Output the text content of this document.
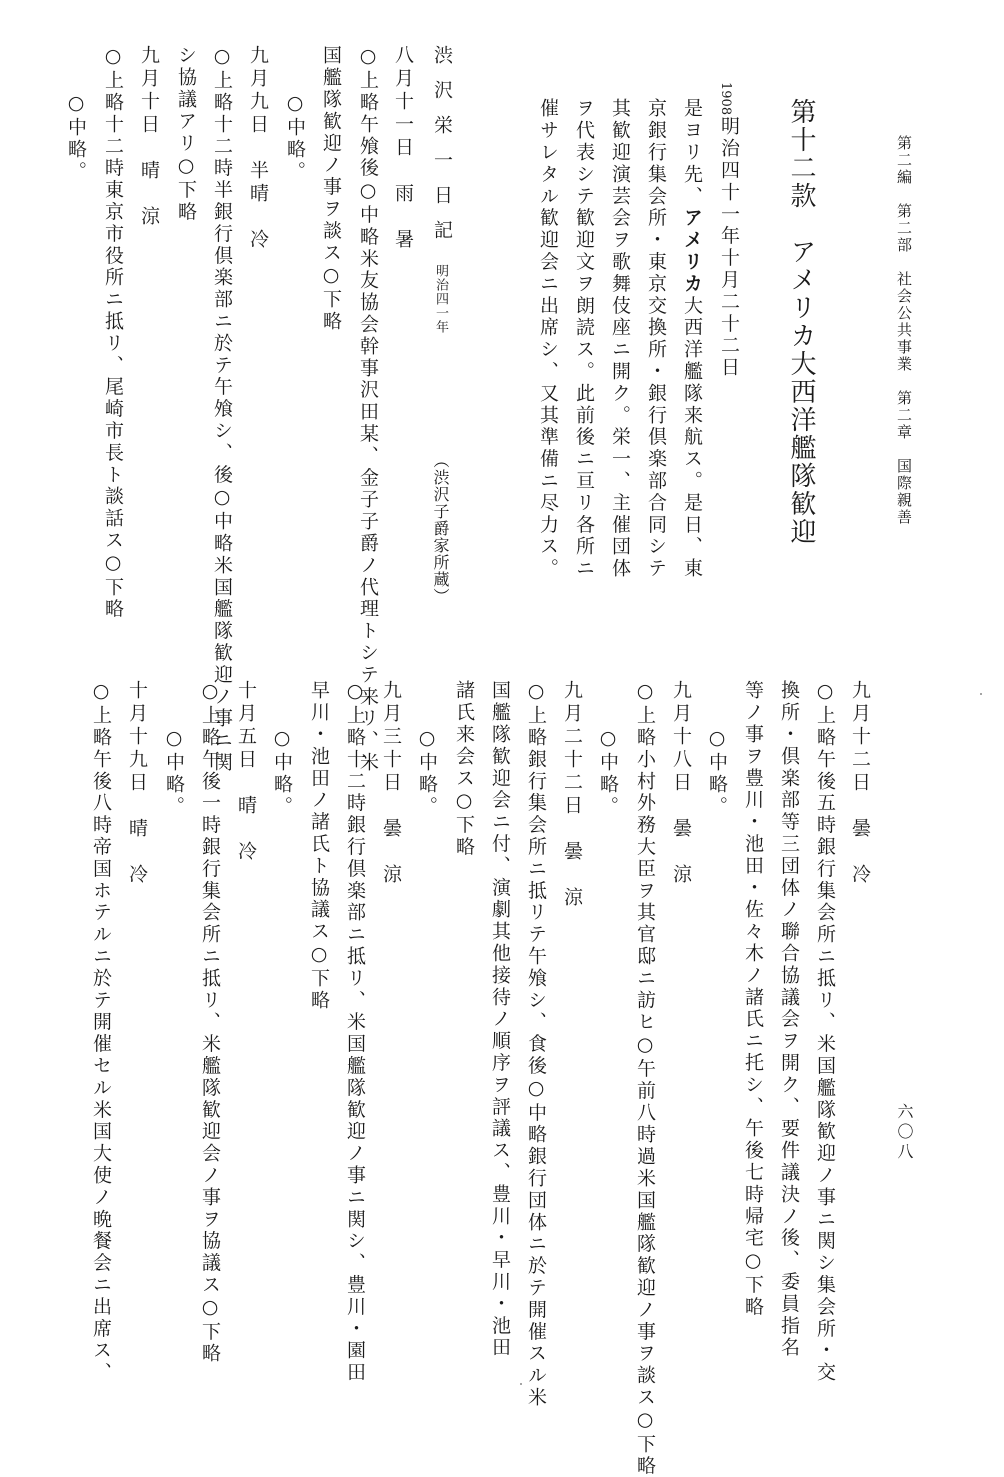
第二編　第二部　社会公共事業　第二章　国際親善
六〇八
第十二款　アメリカ大西洋艦隊歓迎
1908
明治四十一年十月二十二日
是ヨリ先、アメリカ大西洋艦隊来航ス。是日、東
京銀行集会所・東京交換所・銀行倶楽部合同シテ
其歓迎演芸会ヲ歌舞伎座ニ開ク。栄一、主催団体
ヲ代表シテ歓迎文ヲ朗読ス。此前後ニ亘リ各所ニ
催サレタル歓迎会ニ出席シ、又其準備ニ尽力ス。
渋沢栄一日記
明治四一年
（渋沢子爵家所蔵）
八月十一日　雨　暑
○上略午飧後○中略米友協会幹事沢田某、金子子爵ノ代理トシテ来リ、米
国艦隊歓迎ノ事ヲ談ス○下略
○中略。
九月九日　半晴　冷
○上略十二時半銀行倶楽部ニ於テ午飧シ、後○中略米国艦隊歓迎ノ事ニ関
シ協議アリ○下略
九月十日　晴　涼
○上略十二時東京市役所ニ抵リ、尾崎市長ト談話ス○下略
○中略。
九月十二日　曇　冷
○上略午後五時銀行集会所ニ抵リ、米国艦隊歓迎ノ事ニ関シ集会所・交
換所・倶楽部等三団体ノ聯合協議会ヲ開ク、要件議決ノ後、委員指名
等ノ事ヲ豊川・池田・佐々木ノ諸氏ニ托シ、午後七時帰宅○下略
○中略。
九月十八日　曇　涼
○上略小村外務大臣ヲ其官邸ニ訪ヒ○午前八時過米国艦隊歓迎ノ事ヲ談ス○下略
○中略。
九月二十二日　曇　涼
○上略銀行集会所ニ抵リテ午飧シ、食後○中略銀行団体ニ於テ開催スル米
国艦隊歓迎会ニ付、演劇其他接待ノ順序ヲ評議ス、豊川・早川・池田
諸氏来会ス○下略
○中略。
九月三十日　曇　涼
○上略十二時銀行倶楽部ニ抵リ、米国艦隊歓迎ノ事ニ関シ、豊川・園田
早川・池田ノ諸氏ト協議ス○下略
○中略。
十月五日　晴　冷
○上略午後一時銀行集会所ニ抵リ、米艦隊歓迎会ノ事ヲ協議ス○下略
○中略。
十月十九日　晴　冷
○上略午後八時帝国ホテルニ於テ開催セル米国大使ノ晩餐会ニ出席ス、
